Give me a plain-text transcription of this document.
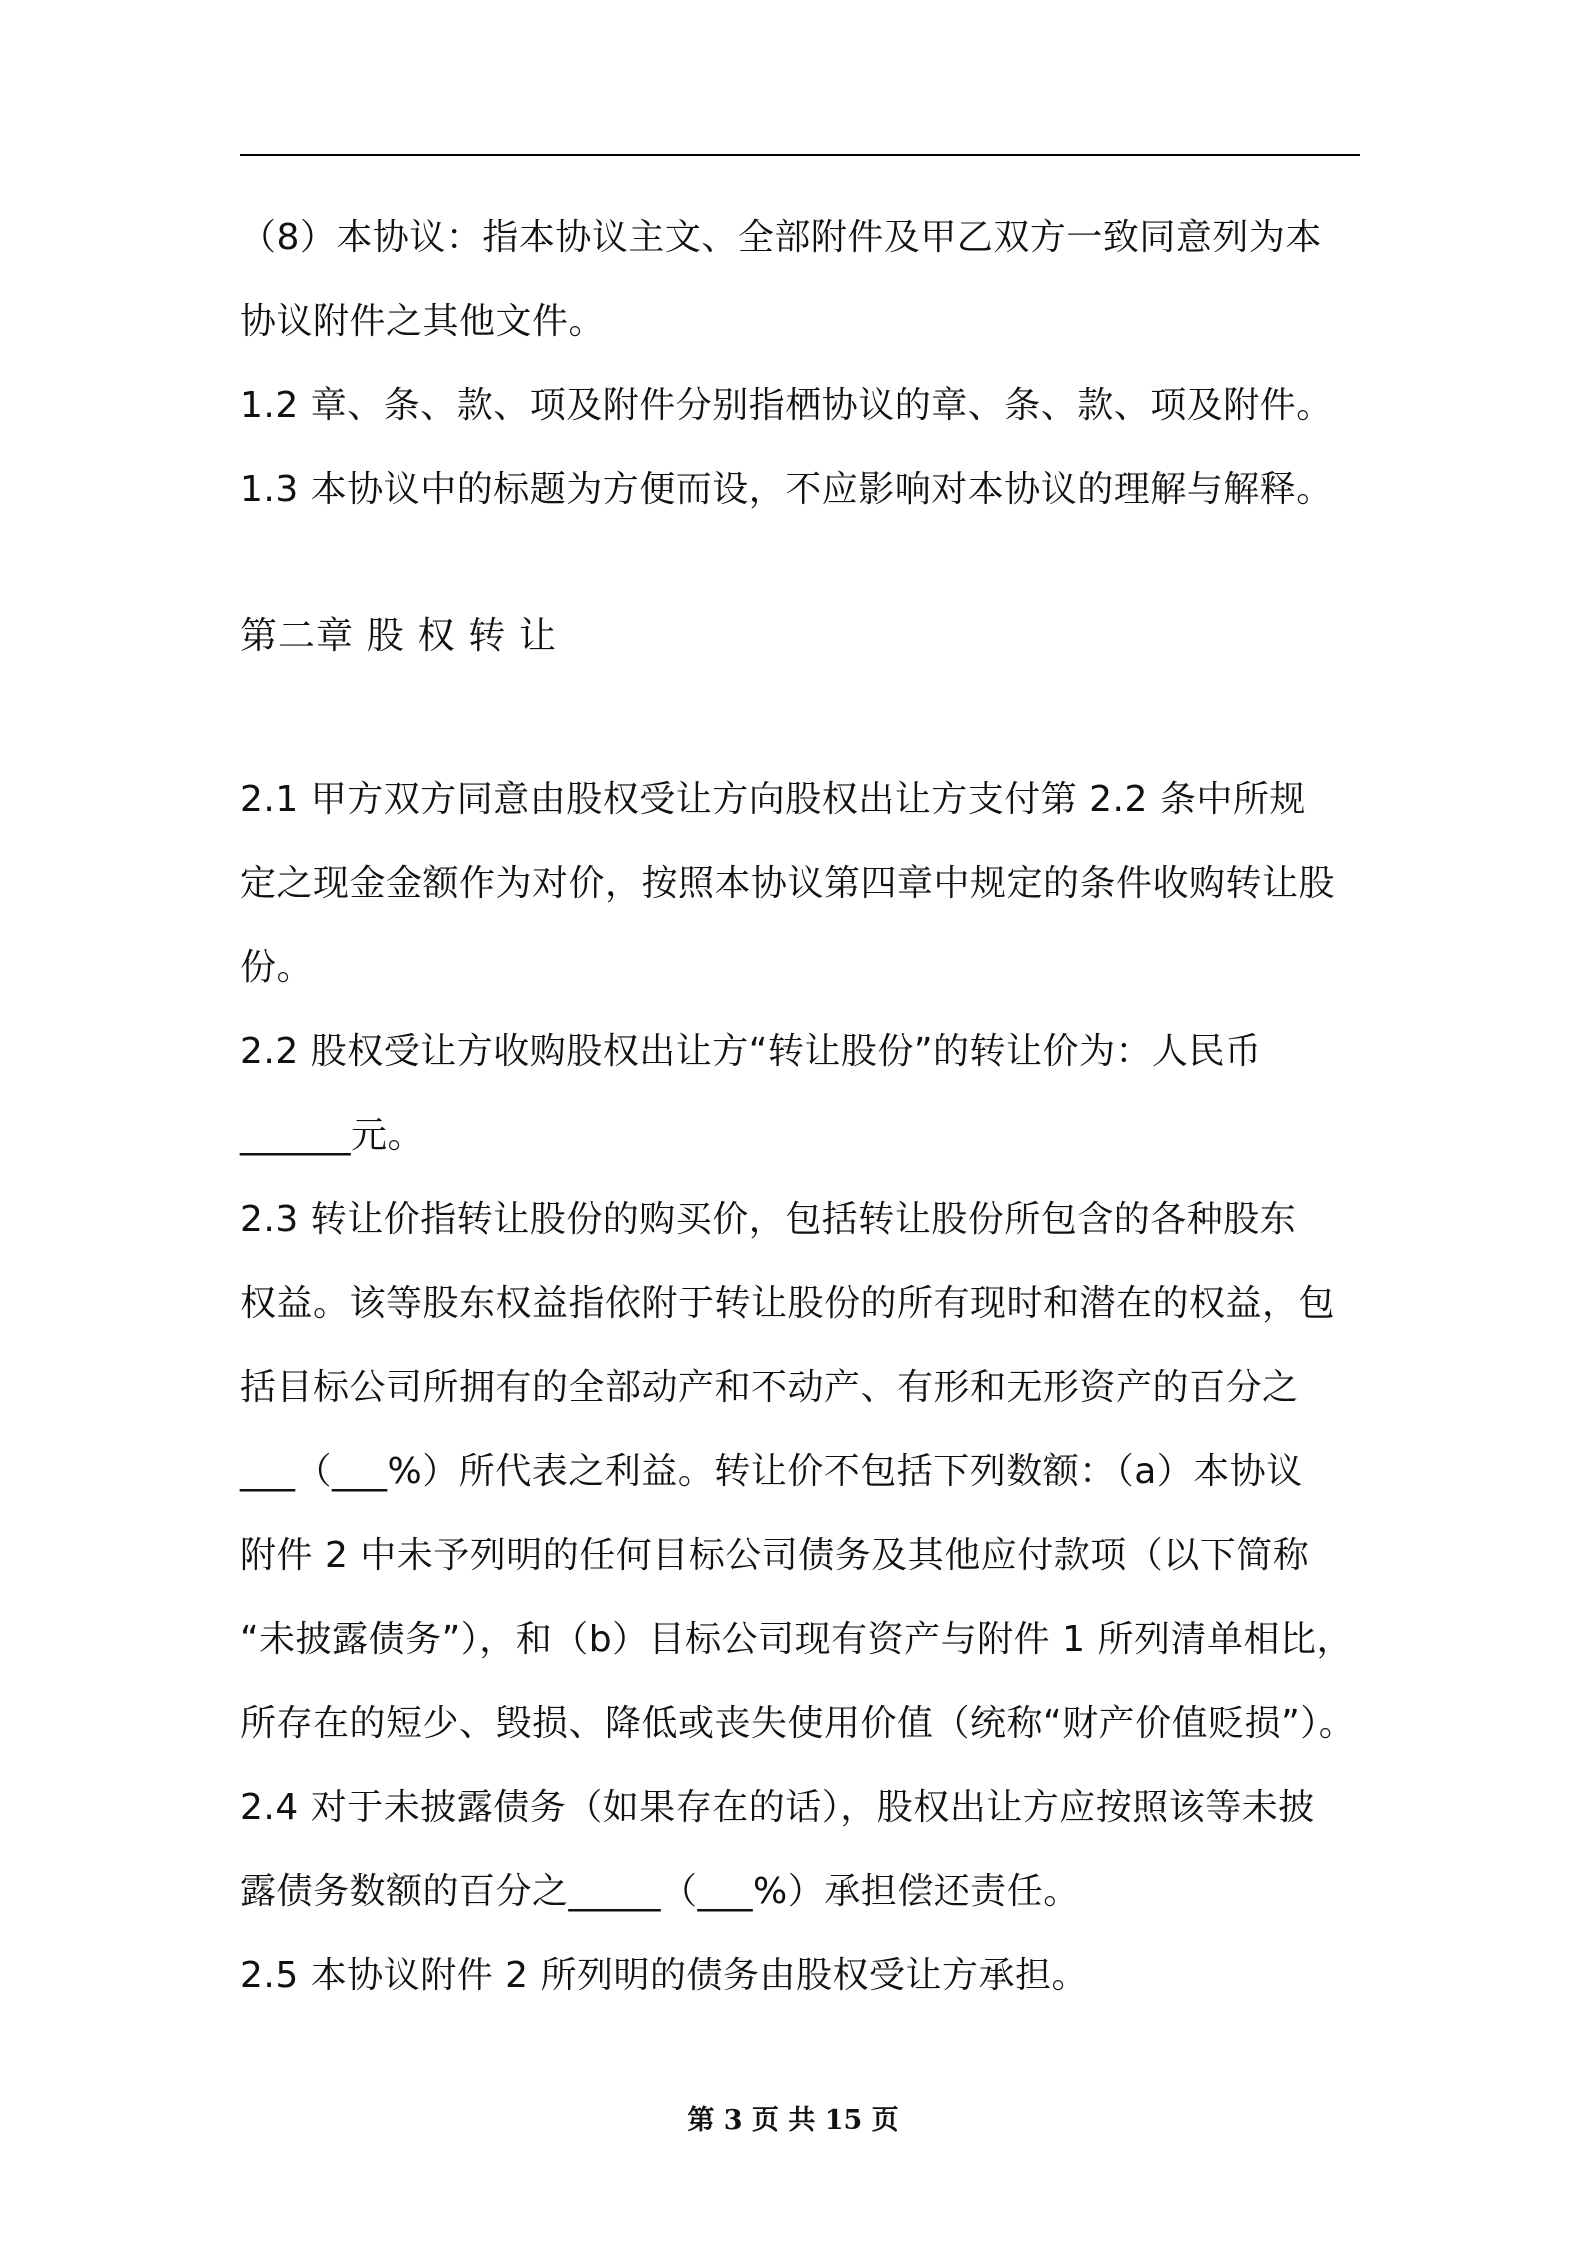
（8）本协议：指本协议主文、全部附件及甲乙双方一致同意列为本
协议附件之其他文件。
1.2 章、条、款、项及附件分别指栖协议的章、条、款、项及附件。
1.3 本协议中的标题为方便而设，不应影响对本协议的理解与解释。
第二章 股 权 转 让
2.1 甲方双方同意由股权受让方向股权出让方支付第 2.2 条中所规
定之现金金额作为对价，按照本协议第四章中规定的条件收购转让股
份。
2.2 股权受让方收购股权出让方“转让股份”的转让价为：人民币
______元。
2.3 转让价指转让股份的购买价，包括转让股份所包含的各种股东
权益。该等股东权益指依附于转让股份的所有现时和潜在的权益，包
括目标公司所拥有的全部动产和不动产、有形和无形资产的百分之
___（___%）所代表之利益。转让价不包括下列数额：（a）本协议
附件 2 中未予列明的任何目标公司债务及其他应付款项（以下简称
“未披露债务”），和（b）目标公司现有资产与附件 1 所列清单相比，
所存在的短少、毁损、降低或丧失使用价值（统称“财产价值贬损”）。
2.4 对于未披露债务（如果存在的话），股权出让方应按照该等未披
露债务数额的百分之_____（___%）承担偿还责任。
2.5 本协议附件 2 所列明的债务由股权受让方承担。
第 3 页 共 15 页
